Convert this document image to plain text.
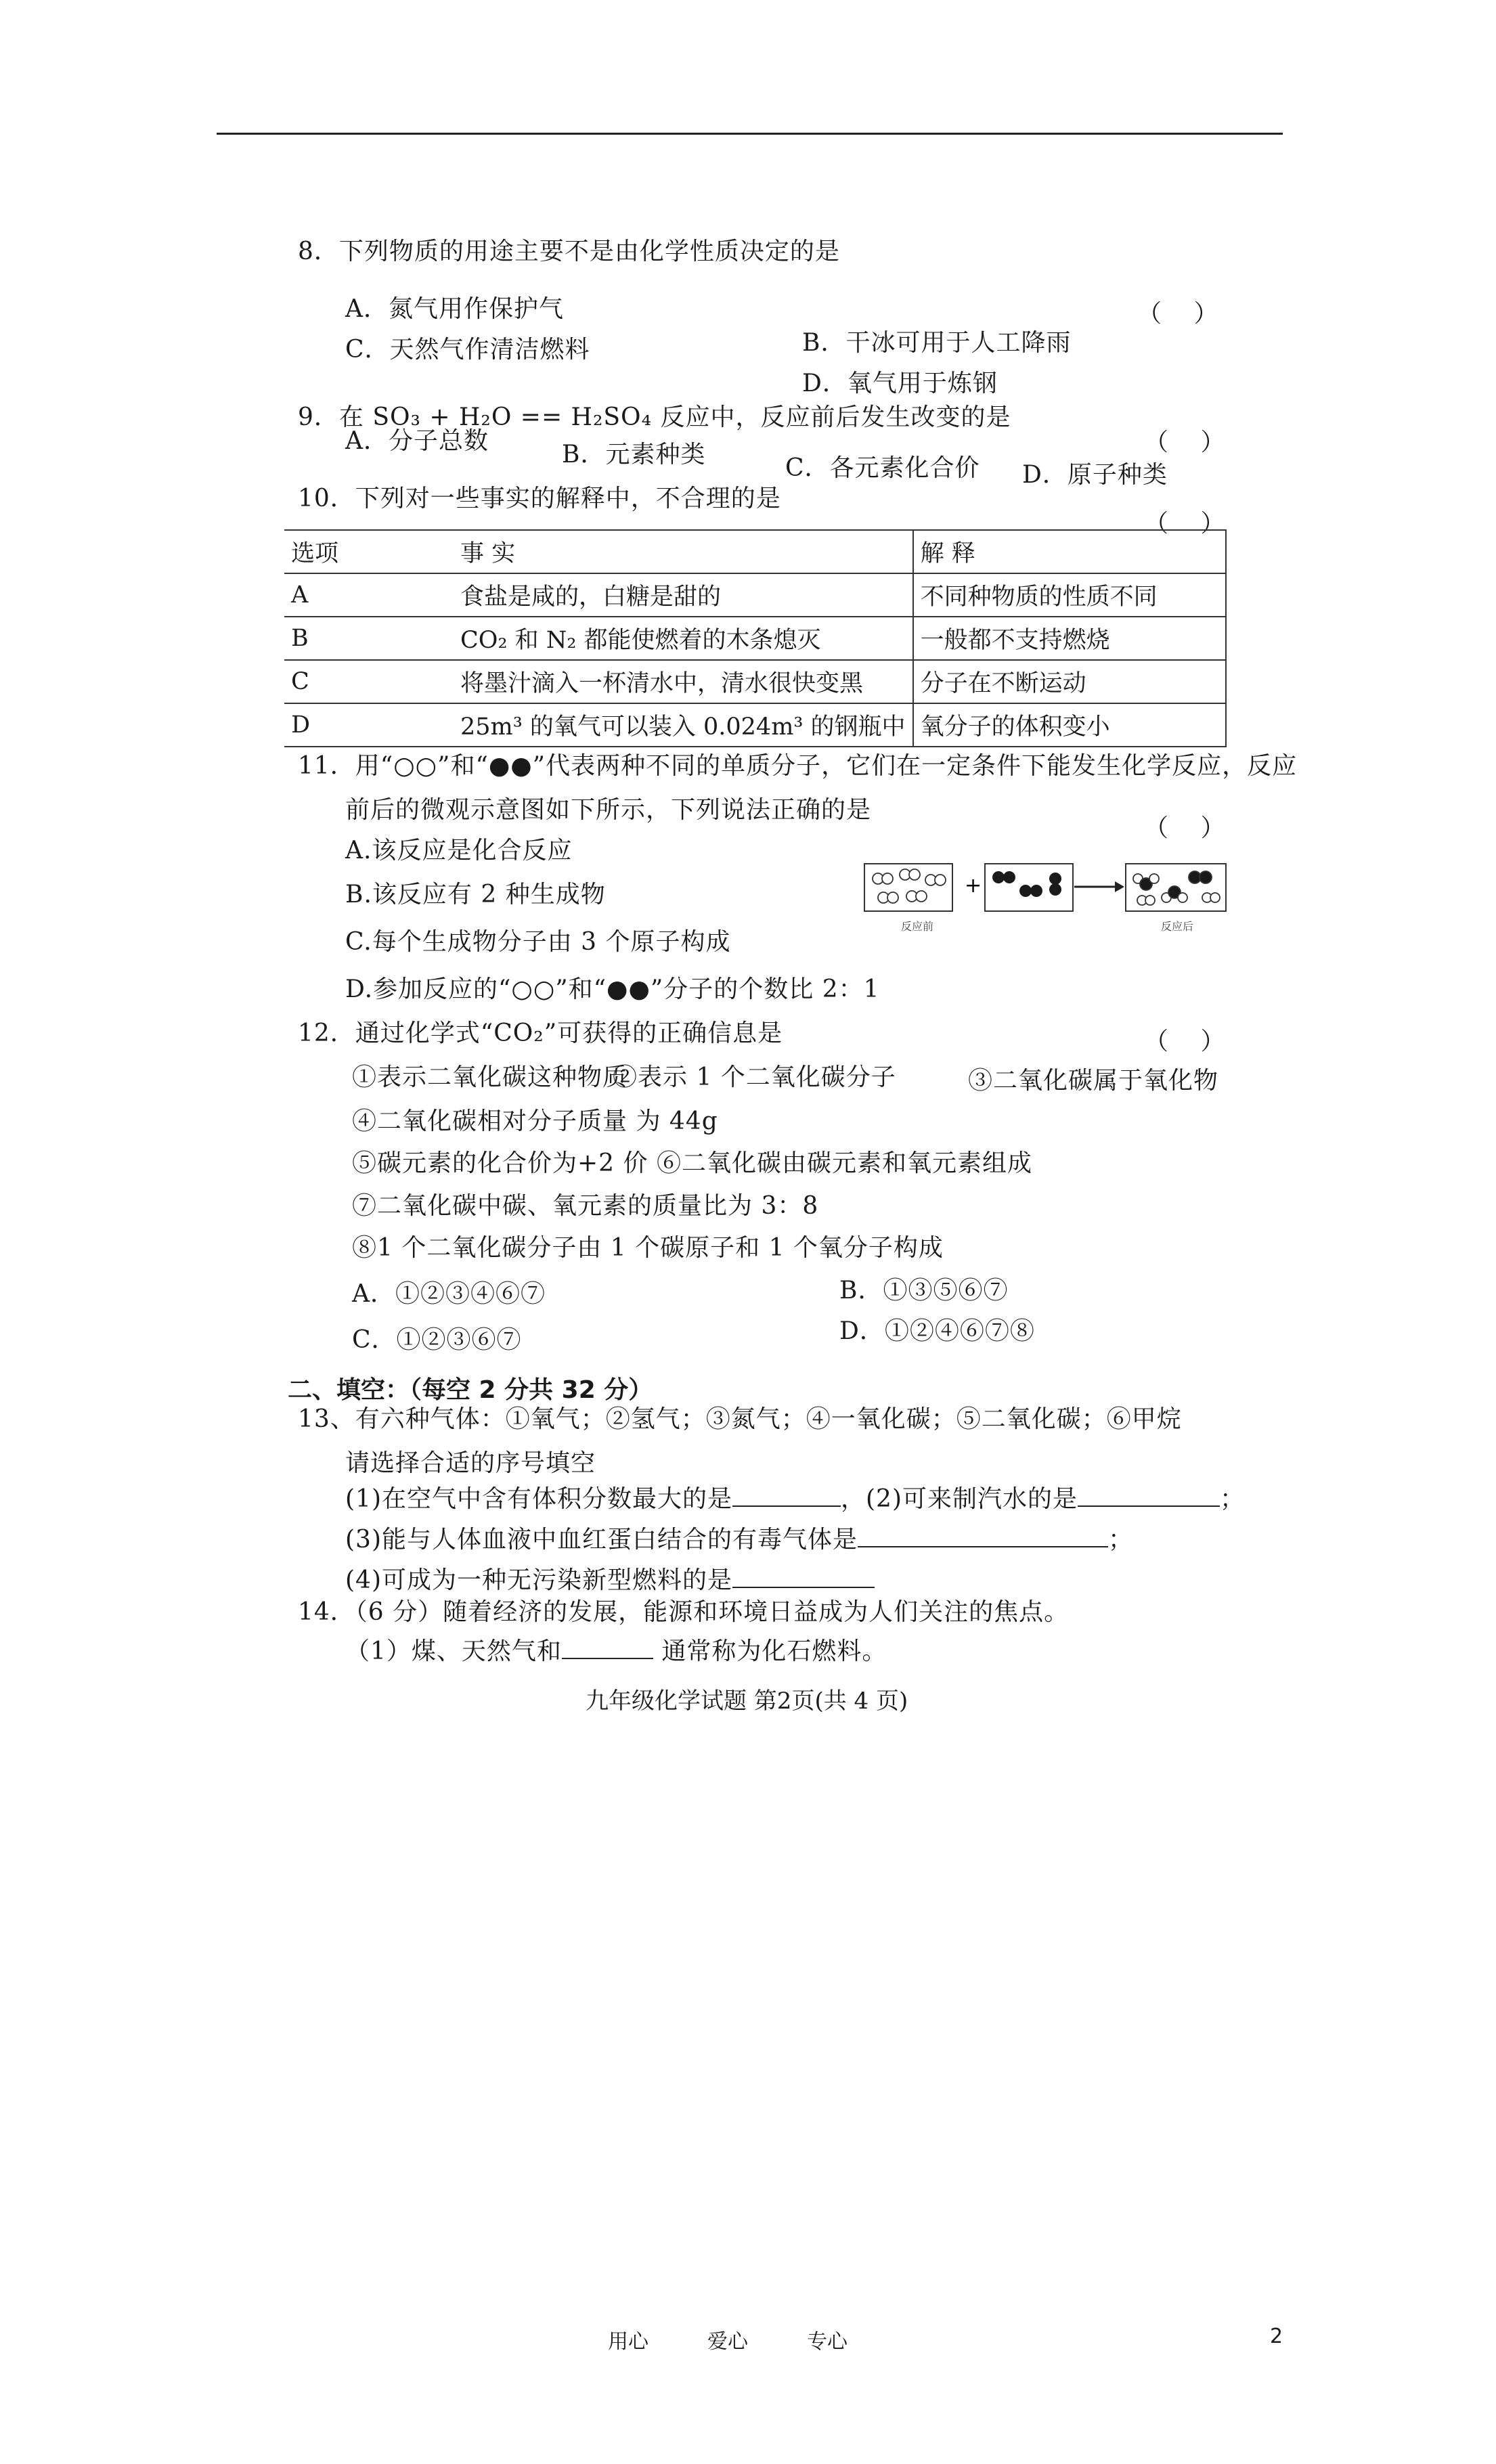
8．下列物质的用途主要不是由化学性质决定的是
（ ）
A．氮气用作保护气
C．天然气作清洁燃料	B．干冰可用于人工降雨
D．氧气用于炼钢
9．在 SO₃ + H₂O == H₂SO₄ 反应中，反应前后发生改变的是
（ ）
A．分子总数	B．元素种类	C．各元素化合价 D．原子种类
10．下列对一些事实的解释中，不合理的是
（ ）
选项	事 实	解 释
A	食盐是咸的，白糖是甜的	不同种物质的性质不同
B	CO₂ 和 N₂ 都能使燃着的木条熄灭	一般都不支持燃烧
C	将墨汁滴入一杯清水中，清水很快变黑	分子在不断运动
D	25m³ 的氧气可以装入 0.024m³ 的钢瓶中	氧分子的体积变小
11．用“○○”和“●●”代表两种不同的单质分子，它们在一定条件下能发生化学反应，反应
前后的微观示意图如下所示，下列说法正确的是
（ ）
A.该反应是化合反应
B.该反应有 2 种生成物
C.每个生成物分子由 3 个原子构成
D.参加反应的“○○”和“●●”分子的个数比 2：1
+
反应前	反应后
12．通过化学式“CO₂”可获得的正确信息是	（ ）
①表示二氧化碳这种物质
②表示 1 个二氧化碳分子	③二氧化碳属于氧化物
④二氧化碳相对分子质量 为 44g
⑤碳元素的化合价为+2 价 ⑥二氧化碳由碳元素和氧元素组成
⑦二氧化碳中碳、氧元素的质量比为 3：8
⑧1 个二氧化碳分子由 1 个碳原子和 1 个氧分子构成
A．①②③④⑥⑦	B．①③⑤⑥⑦
C．①②③⑥⑦	D．①②④⑥⑦⑧
二、填空：（每空 2 分共 32 分）
13、有六种气体：①氧气；②氢气；③氮气；④一氧化碳；⑤二氧化碳；⑥甲烷
请选择合适的序号填空
(1)在空气中含有体积分数最大的是	，(2)可来制汽水的是	；
(3)能与人体血液中血红蛋白结合的有毒气体是	；
(4)可成为一种无污染新型燃料的是
14．（6 分）随着经济的发展，能源和环境日益成为人们关注的焦点。
（1）煤、天然气和	通常称为化石燃料。
九年级化学试题 第2页(共 4 页)
用心	爱心	专心	2
